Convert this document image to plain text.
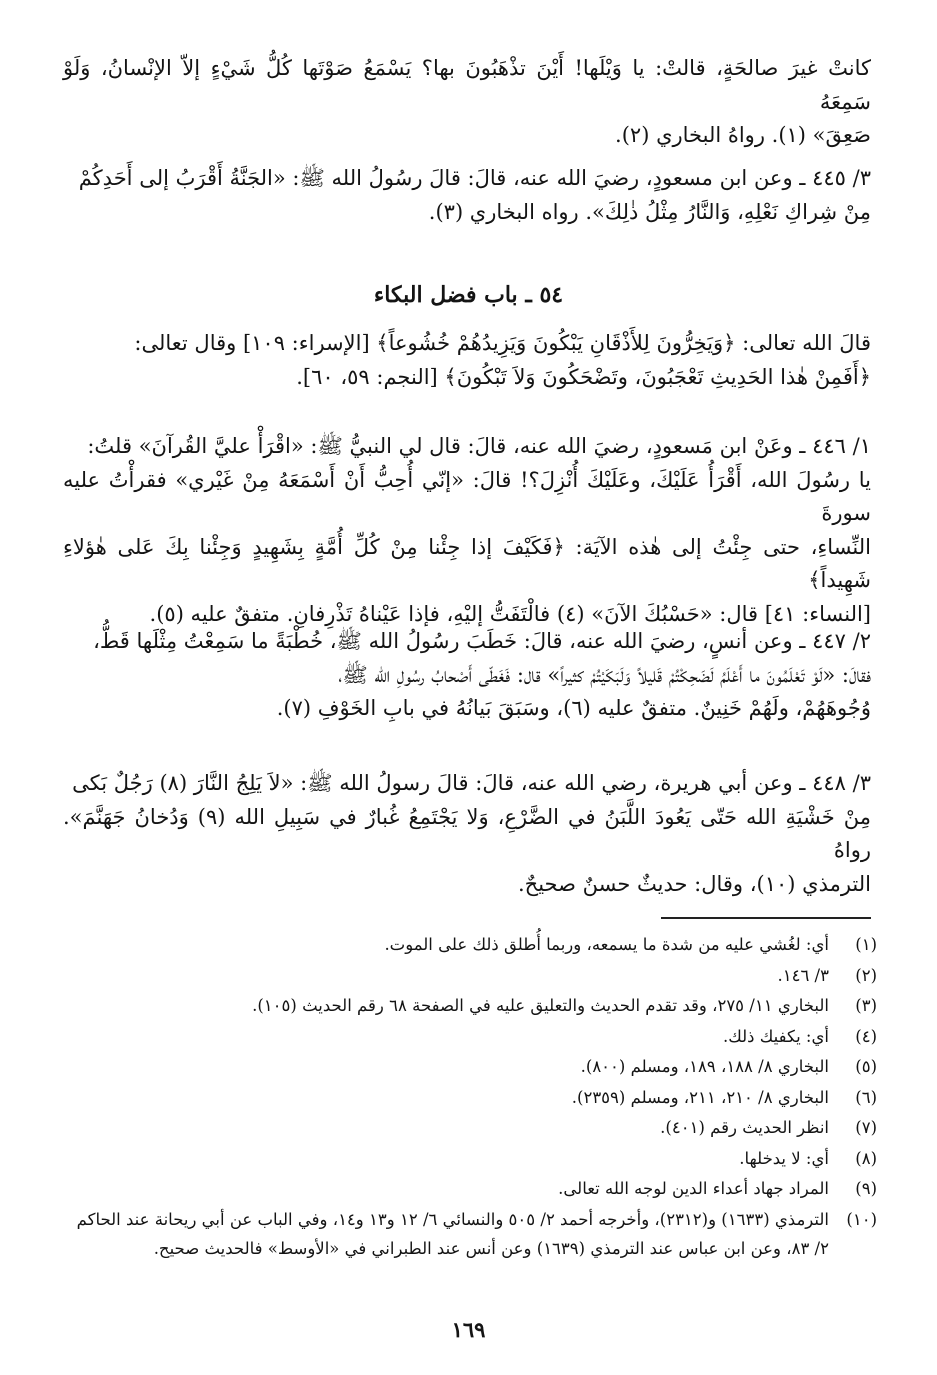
كانتْ غيرَ صالحَةٍ، قالتْ: يا وَيْلَها! أَيْنَ تذْهَبُونَ بها؟ يَسْمَعُ صَوْتَها كُلُّ شَيْءٍ إلاّ الإنْسانُ، وَلَوْ سَمِعَهُ

صَعِقَ» (١). رواهُ البخاري (٢).

٣/ ٤٤٥ ـ وعن ابن مسعودٍ، رضيَ الله عنه، قالَ: قالَ رسُولُ الله ﷺ: «الجَنَّةُ أَقْرَبُ إلى أَحَدِكُمْ

مِنْ شِراكِ نَعْلِهِ، وَالنَّارُ مِثْلُ ذٰلِكَ». رواه البخاري (٣).

٥٤ ـ باب فضل البكاء

قالَ الله تعالى: ﴿وَيَخِرُّونَ لِلأَذْقَانِ يَبْكُونَ وَيَزِيدُهُمْ خُشُوعاً﴾ [الإسراء: ١٠٩] وقال تعالى:

﴿أَفَمِنْ هٰذا الحَدِيثِ تَعْجَبُونَ، وتَضْحَكُونَ وَلاَ تَبْكُونَ﴾ [النجم: ٥٩، ٦٠].

١/ ٤٤٦ ـ وعَنْ ابن مَسعودٍ، رضيَ الله عنه، قالَ: قال لي النبيُّ ﷺ: «اقْرَأْ عليَّ القُرآنَ» قلتُ:

يا رسُولَ الله، أَقْرَأُ عَلَيْكَ، وعَلَيْكَ أُنْزِلَ؟! قالَ: «إنّي أُحِبُّ أَنْ أَسْمَعَهُ مِنْ غَيْري» فقرأْتُ عليه سورةَ

النِّساءِ، حتى جِئْتُ إلى هٰذه الآيَة: ﴿فَكَيْفَ إذا جِئْنا مِنْ كُلِّ أُمَّةٍ بِشَهِيدٍ وَجِئْنا بِكَ عَلى هٰؤلاءِ شَهِيداً﴾

[النساء: ٤١] قال: «حَسْبُكَ الآنَ» (٤) فالْتَفَتُّ إليْهِ، فإذا عَيْناهُ تَذْرِفانِ. متفقٌ عليه (٥).

٢/ ٤٤٧ ـ وعن أنسٍ، رضيَ الله عنه، قالَ: خَطَبَ رسُولُ الله ﷺ، خُطْبَةً ما سَمِعْتُ مِثْلَها قَطُّ،

فقالَ: «لَوْ تَعْلَمُونَ ما أَعْلَمُ لَضَحِكْتُمْ قَليلاً وَلَبَكَيْتُمْ كثيراً» قال: فَغَطّى أَصْحابُ رسُولِ الله ﷺ،

وُجُوهَهُمْ، ولَهُمْ خَنِينٌ. متفقٌ عليه (٦)، وسَبَقَ بَيانُهُ في بابِ الخَوْفِ (٧).

٣/ ٤٤٨ ـ وعن أبي هريرة، رضي الله عنه، قالَ: قالَ رسولُ الله ﷺ: «لاَ يَلِجُ النَّارَ (٨) رَجُلٌ بَكى

مِنْ خَشْيَةِ الله حَتّى يَعُودَ اللَّبَنُ في الضَّرْعِ، وَلا يَجْتَمِعُ غُبارٌ في سَبِيلِ الله (٩) وَدُخانُ جَهَنَّمَ». رواهُ

الترمذي (١٠)، وقال: حديثٌ حسنٌ صحيحٌ.

(١)
أي: لغُشي عليه من شدة ما يسمعه، وربما أُطلق ذلك على الموت.
(٢)
٣/ ١٤٦.
(٣)
البخاري ١١/ ٢٧٥، وقد تقدم الحديث والتعليق عليه في الصفحة ٦٨ رقم الحديث (١٠٥).
(٤)
أي: يكفيك ذلك.
(٥)
البخاري ٨/ ١٨٨، ١٨٩، ومسلم (٨٠٠).
(٦)
البخاري ٨/ ٢١٠، ٢١١، ومسلم (٢٣٥٩).
(٧)
انظر الحديث رقم (٤٠١).
(٨)
أي: لا يدخلها.
(٩)
المراد جهاد أعداء الدين لوجه الله تعالى.
(١٠)
الترمذي (١٦٣٣) و(٢٣١٢)، وأخرجه أحمد ٢/ ٥٠٥ والنسائي ٦/ ١٢ و١٣ و١٤، وفي الباب عن أبي ريحانة عند الحاكم ٢/ ٨٣، وعن ابن عباس عند الترمذي (١٦٣٩) وعن أنس عند الطبراني في «الأوسط» فالحديث صحيح.
١٦٩
